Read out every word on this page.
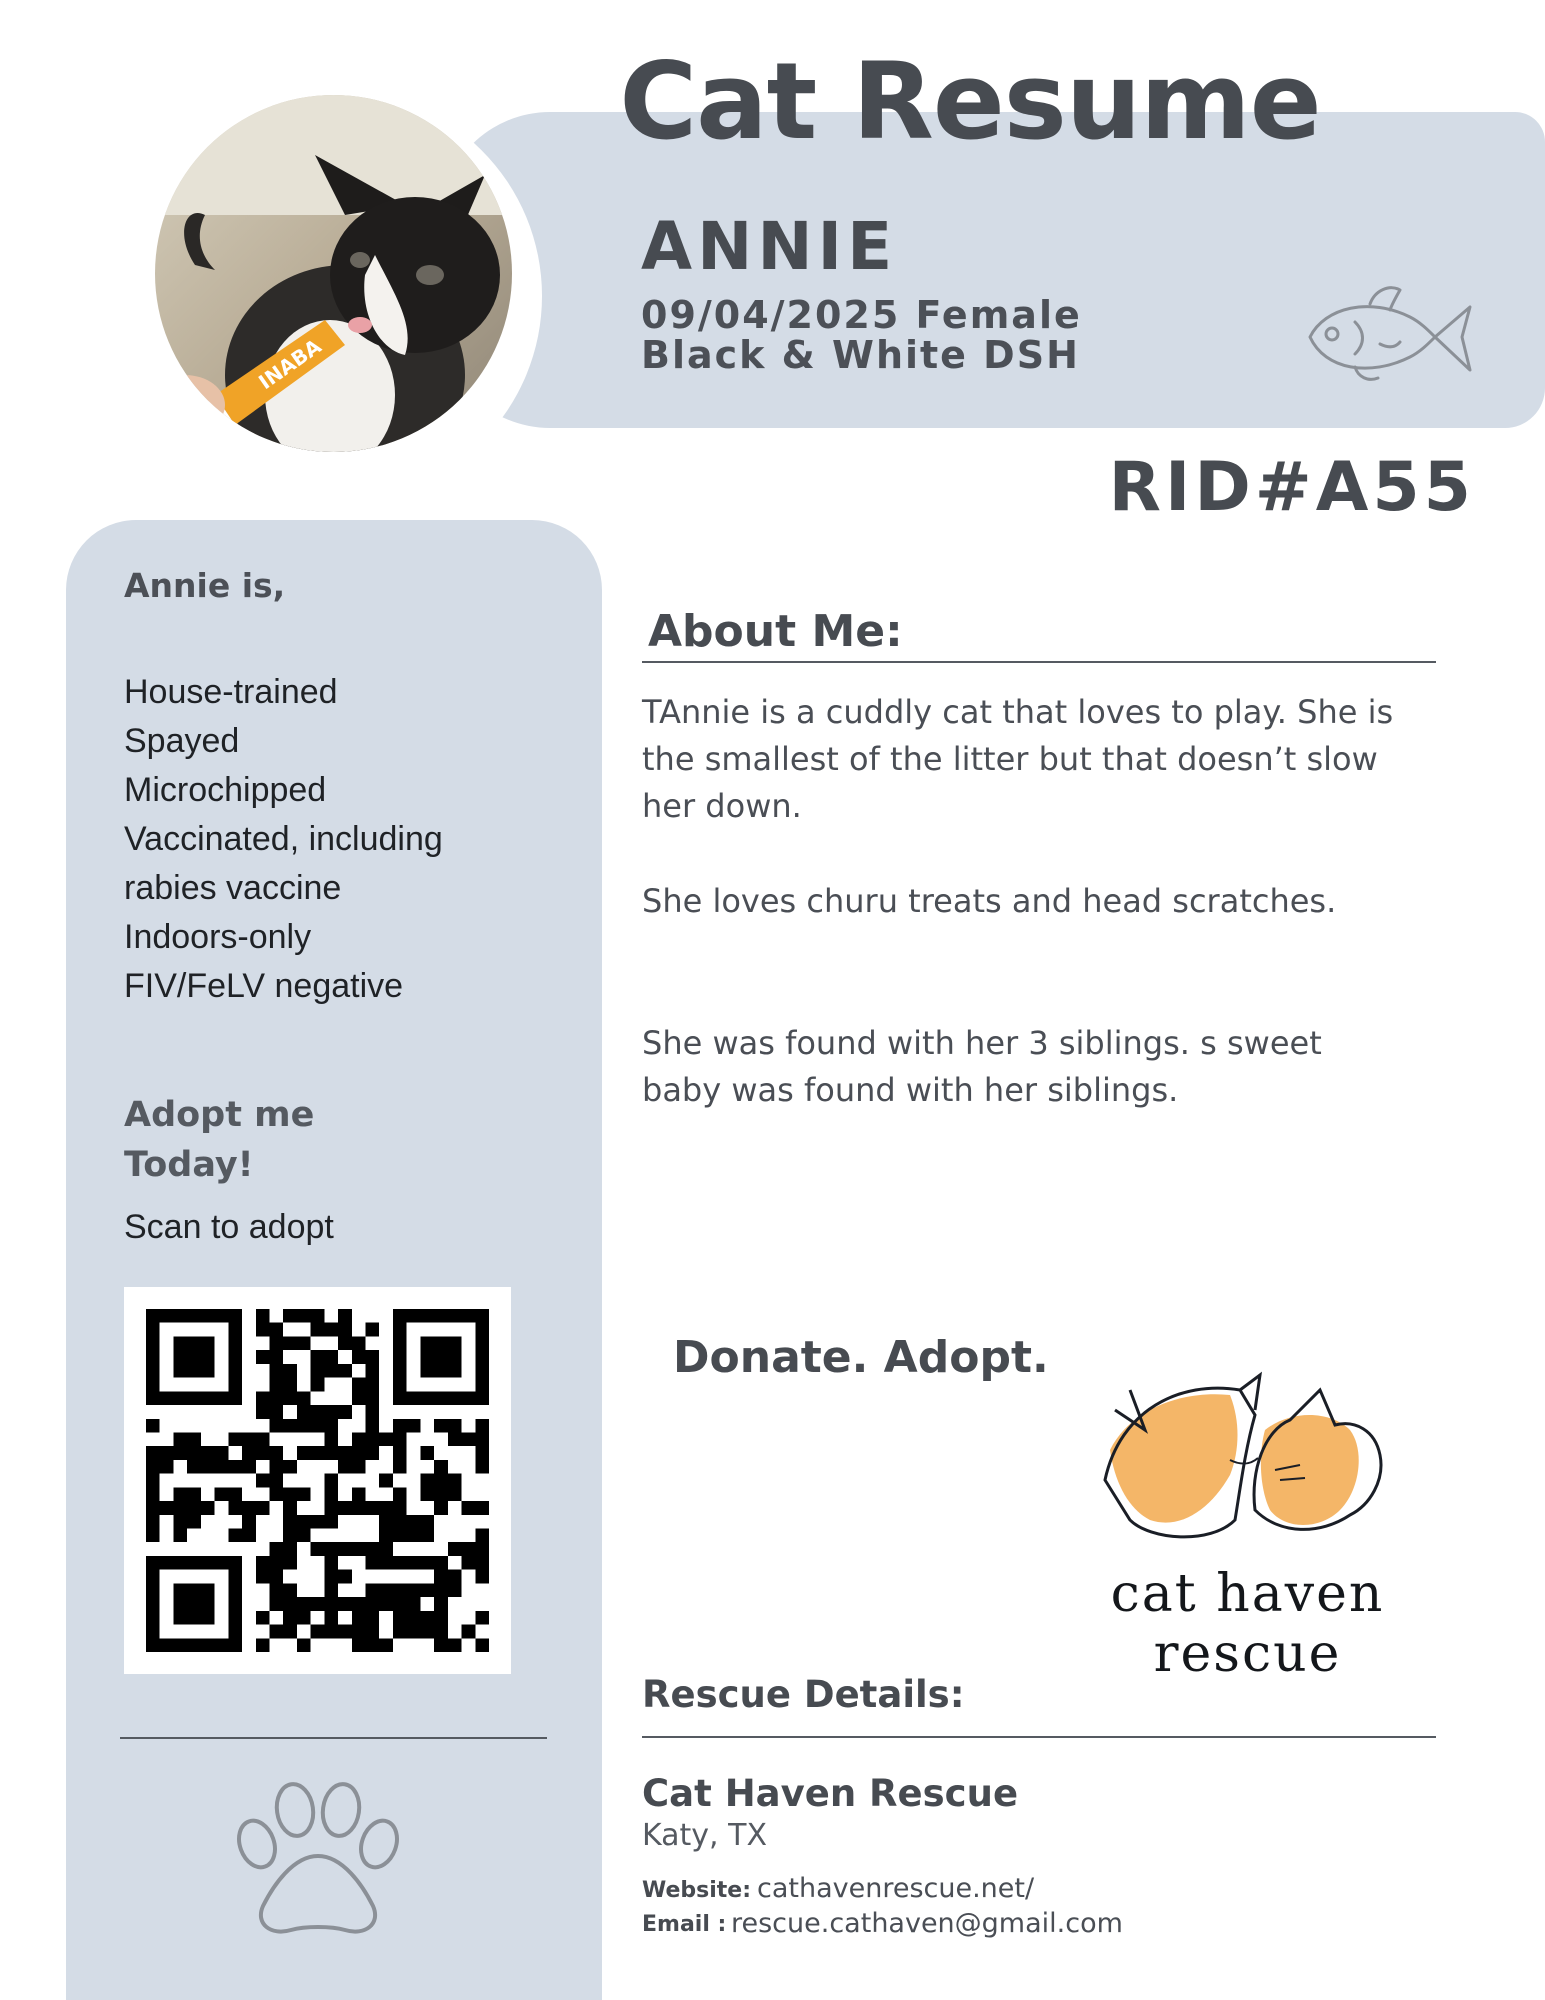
Cat Resume
INABA
ANNIE
09/04/2025 Female
Black & White DSH
RID#A55
Annie is,
House-trained
Spayed
Microchipped
Vaccinated, including
rabies vaccine
Indoors-only
FIV/FeLV negative
Adopt me
Today!
Scan to adopt
About Me:
TAnnie is a cuddly cat that loves to play. She is the smallest of the litter but that doesn’t slow her down.
She loves churu treats and head scratches.
She was found with her 3 siblings. s sweet baby was found with her siblings.
Donate. Adopt.
cat haven
rescue
Rescue Details:
Cat Haven Rescue
Katy, TX
Website: cathavenrescue.net/
Email : rescue.cathaven@gmail.com
